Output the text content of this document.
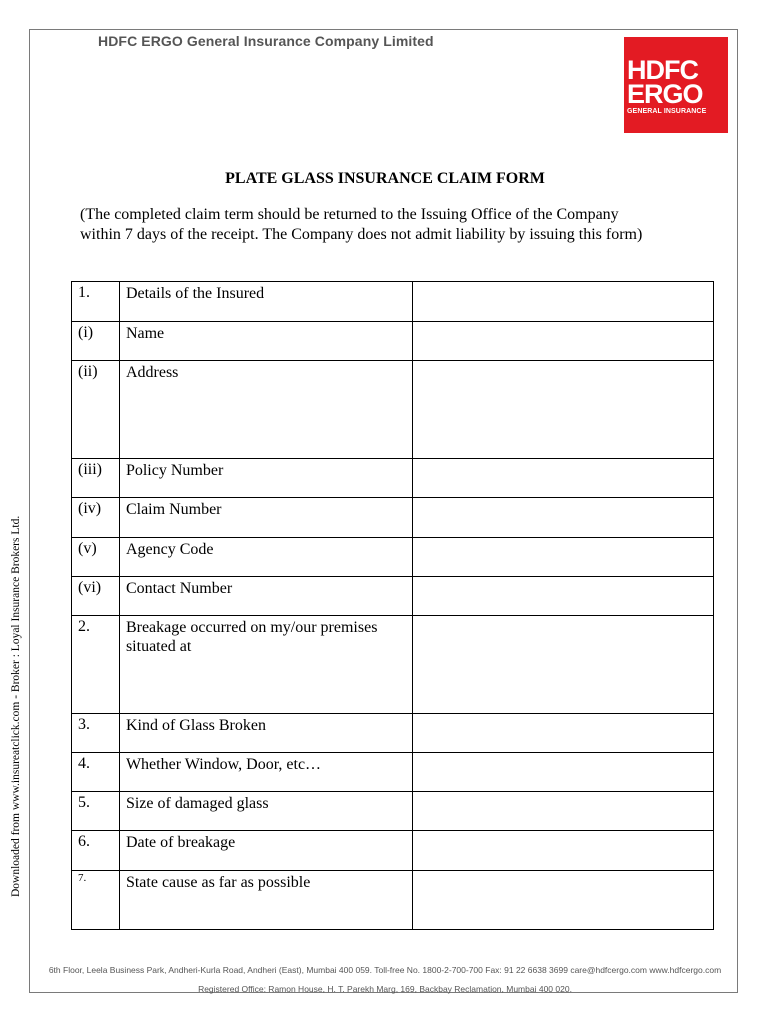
HDFC ERGO General Insurance Company Limited
HDFC
ERGO
GENERAL INSURANCE
PLATE GLASS INSURANCE CLAIM FORM
(The completed claim term should be returned to the Issuing Office of the Company within 7 days of the receipt. The Company does not admit liability by issuing this form)
1.	Details of the Insured	
(i)	Name	
(ii)	Address	
(iii)	Policy Number	
(iv)	Claim Number	
(v)	Agency Code	
(vi)	Contact Number	
2.	Breakage occurred on my/our premises situated at	
3.	Kind of Glass Broken	
4.	Whether Window, Door, etc…	
5.	Size of damaged glass	
6.	Date of breakage	
7.	State cause as far as possible	
Downloaded from www.insureatclick.com - Broker : Loyal Insurance Brokers Ltd.
6th Floor, Leela Business Park, Andheri-Kurla Road, Andheri (East), Mumbai 400 059. Toll-free No. 1800-2-700-700 Fax: 91 22 6638 3699 care@hdfcergo.com www.hdfcergo.com
Registered Office: Ramon House, H. T. Parekh Marg, 169, Backbay Reclamation, Mumbai 400 020.
